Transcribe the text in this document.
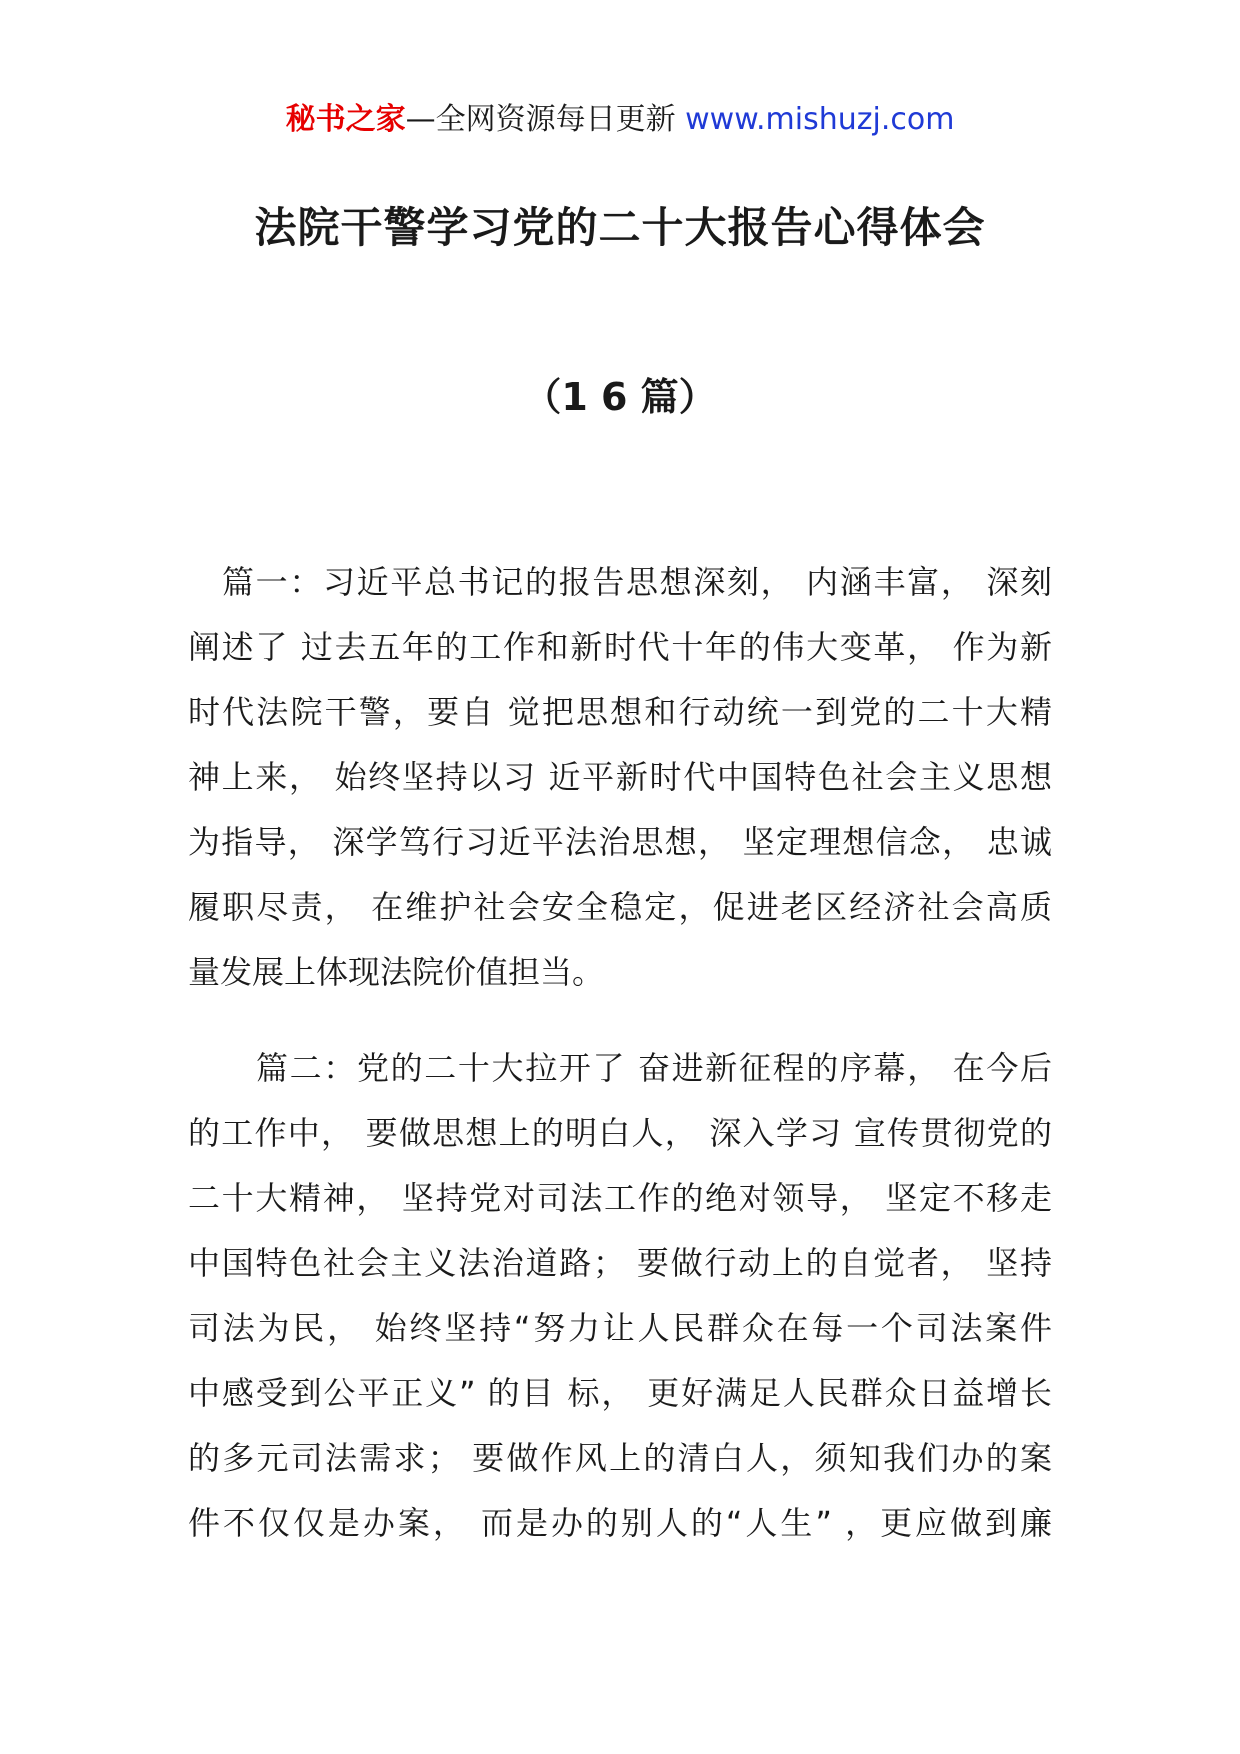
秘书之家—全网资源每日更新 www.mishuzj.com
法院干警学习党的二十大报告心得体会
（1 6 篇）
篇一：习近平总书记的报告思想深刻， 内涵丰富， 深刻
阐述了 过去五年的工作和新时代十年的伟大变革， 作为新
时代法院干警，要自 觉把思想和行动统一到党的二十大精
神上来， 始终坚持以习 近平新时代中国特色社会主义思想
为指导， 深学笃行习近平法治思想， 坚定理想信念， 忠诚
履职尽责， 在维护社会安全稳定，促进老区经济社会高质
量发展上体现法院价值担当。
篇二：党的二十大拉开了 奋进新征程的序幕， 在今后
的工作中， 要做思想上的明白人， 深入学习 宣传贯彻党的
二十大精神， 坚持党对司法工作的绝对领导， 坚定不移走
中国特色社会主义法治道路； 要做行动上的自觉者， 坚持
司法为民， 始终坚持“努力让人民群众在每一个司法案件
中感受到公平正义” 的目 标， 更好满足人民群众日益增长
的多元司法需求； 要做作风上的清白人，须知我们办的案
件不仅仅是办案， 而是办的别人的“人生” ，更应做到廉
